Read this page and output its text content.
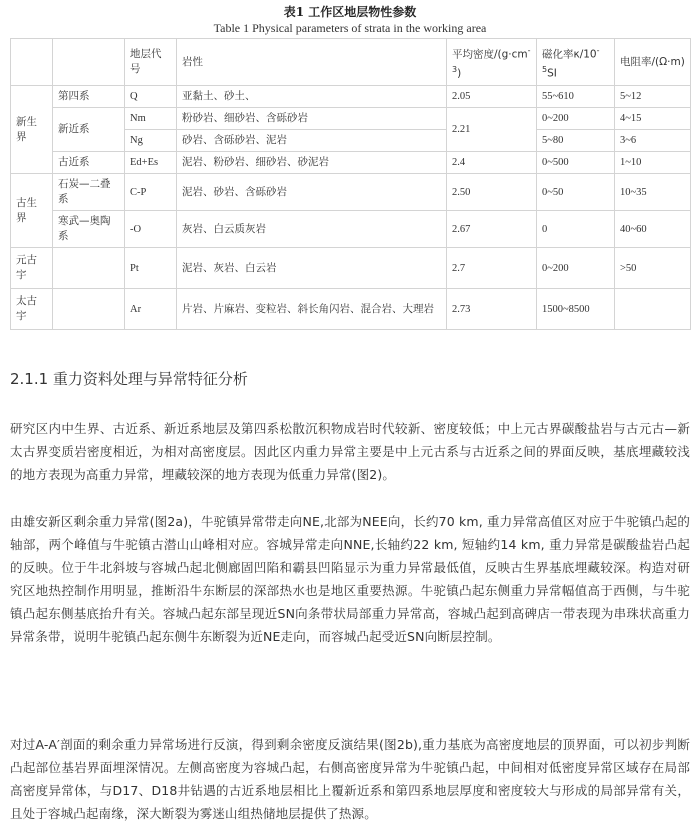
表1 工作区地层物性参数
Table 1 Physical parameters of strata in the working area
		地层代号	岩性	平均密度$/(g\cdot cm^{-3})$	磁化率$\kappa/10^{-5}SI$	电阻率/(Ω·m)
新生界	第四系	Q	亚黏土、砂土、	2.05	55~610	5~12
	新近系	Nm	粉砂岩、细砂岩、含砾砂岩	2.21	0~200	4~15
		Ng	砂岩、含砾砂岩、泥岩		5~80	3~6
	古近系	Ed+Es	泥岩、粉砂岩、细砂岩、砂泥岩	2.4	0~500	1~10
古生界	石炭—二叠系	C-P	泥岩、砂岩、含砾砂岩	2.50	0~50	10~35
	寒武—奥陶系	-O	灰岩、白云质灰岩	2.67	0	40~60
元古宇		Pt	泥岩、灰岩、白云岩	2.7	0~200	>50
太古宇		Ar	片岩、片麻岩、变粒岩、斜长角闪岩、混合岩、大理岩	2.73	1500~8500	
2.1.1 重力资料处理与异常特征分析

研究区内中生界、古近系、新近系地层及第四系松散沉积物成岩时代较新、密度较低；中上元古界碳酸盐岩与古元古—新太古界变质岩密度相近，为相对高密度层。因此区内重力异常主要是中上元古系与古近系之间的界面反映，基底埋藏较浅的地方表现为高重力异常，埋藏较深的地方表现为低重力异常(图2)。

由雄安新区剩余重力异常(图2a)，牛驼镇异常带走向NE,北部为NEE向，长约70 km, 重力异常高值区对应于牛驼镇凸起的轴部，两个峰值与牛驼镇古潜山山峰相对应。容城异常走向NNE,长轴约22 km, 短轴约14 km, 重力异常是碳酸盐岩凸起的反映。位于牛北斜坡与容城凸起北侧廊固凹陷和霸县凹陷显示为重力异常最低值，反映古生界基底埋藏较深。构造对研究区地热控制作用明显，推断沿牛东断层的深部热水也是地区重要热源。牛驼镇凸起东侧重力异常幅值高于西侧，与牛驼镇凸起东侧基底抬升有关。容城凸起东部呈现近SN向条带状局部重力异常高，容城凸起到高碑店一带表现为串珠状高重力异常条带，说明牛驼镇凸起东侧牛东断裂为近NE走向，而容城凸起受近SN向断层控制。

对过A-A′剖面的剩余重力异常场进行反演，得到剩余密度反演结果(图2b),重力基底为高密度地层的顶界面，可以初步判断凸起部位基岩界面埋深情况。左侧高密度为容城凸起，右侧高密度异常为牛驼镇凸起，中间相对低密度异常区域存在局部高密度异常体，与D17、D18井钻遇的古近系地层相比上覆新近系和第四系地层厚度和密度较大与形成的局部异常有关，且处于容城凸起南缘，深大断裂为雾迷山组热储地层提供了热源。
